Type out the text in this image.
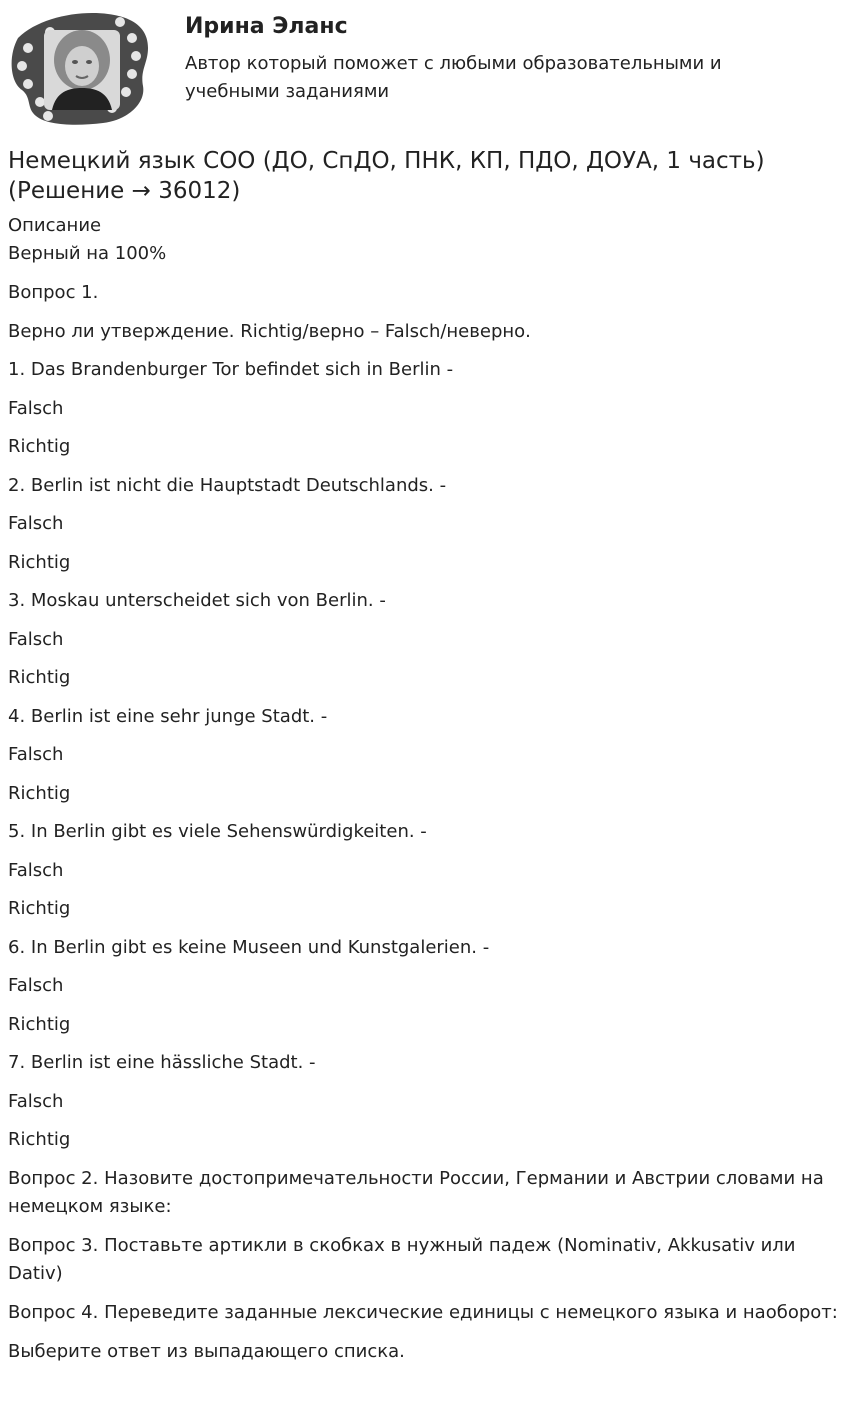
Ирина Эланс
Автор который поможет с любыми образовательными и учебными заданиями
Немецкий язык СОО (ДО, СпДО, ПНК, КП, ПДО, ДОУА, 1 часть) (Решение → 36012)

Описание

Верный на 100%

Вопрос 1.

Верно ли утверждение. Richtig/верно – Falsch/неверно.

1. Das Brandenburger Tor befindet sich in Berlin -

Falsch

Richtig

2. Berlin ist nicht die Hauptstadt Deutschlands. -

Falsch

Richtig

3. Moskau unterscheidet sich von Berlin. -

Falsch

Richtig

4. Berlin ist eine sehr junge Stadt. -

Falsch

Richtig

5. In Berlin gibt es viele Sehenswürdigkeiten. -

Falsch

Richtig

6. In Berlin gibt es keine Museen und Kunstgalerien. -

Falsch

Richtig

7. Berlin ist eine hässliche Stadt. -

Falsch

Richtig

Вопрос 2. Назовите достопримечательности России, Германии и Австрии словами на немецком языке:

Вопрос 3. Поставьте артикли в скобках в нужный падеж (Nominativ, Akkusativ или Dativ)

Вопрос 4. Переведите заданные лексические единицы с немецкого языка и наоборот:

Выберите ответ из выпадающего списка.
